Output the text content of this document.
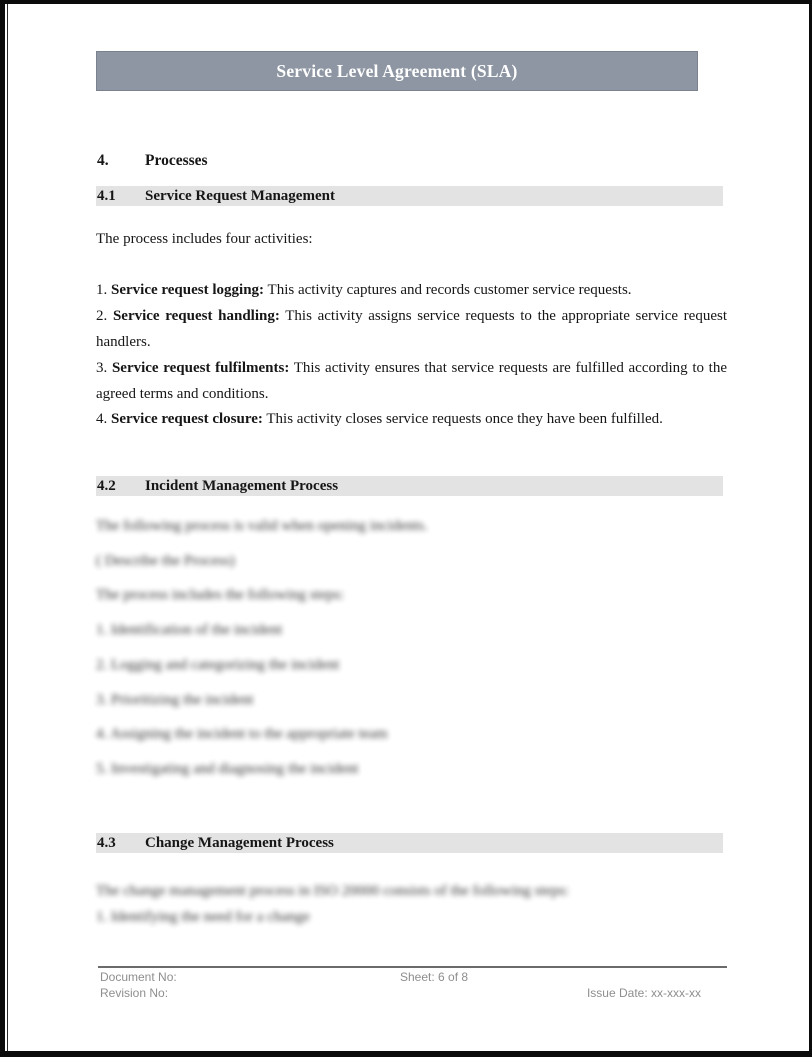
Service Level Agreement (SLA)
4. Processes
4.1 Service Request Management

The process includes four activities:

1. Service request logging: This activity captures and records customer service requests.

2. Service request handling: This activity assigns service requests to the appropriate service request handlers.

3. Service request fulfilments: This activity ensures that service requests are fulfilled according to the agreed terms and conditions.

4. Service request closure: This activity closes service requests once they have been fulfilled.

4.2 Incident Management Process

The following process is valid when opening incidents.

( Describe the Process)

The process includes the following steps:

1. Identification of the incident

2. Logging and categorizing the incident

3. Prioritizing the incident

4. Assigning the incident to the appropriate team

5. Investigating and diagnosing the incident

4.3 Change Management Process

The change management process in ISO 20000 consists of the following steps:

1. Identifying the need for a change

Document No:	Sheet: 6 of 8
Revision No:	Issue Date: xx-xxx-xx
